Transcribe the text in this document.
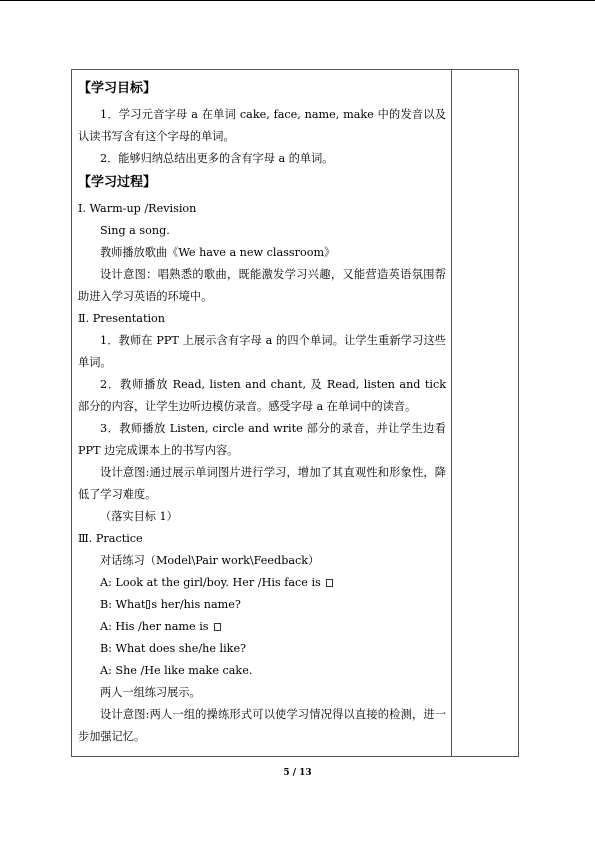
【学习目标】

1．学习元音字母 a 在单词 cake, face, name, make 中的发音以及认读书写含有这个字母的单词。

2．能够归纳总结出更多的含有字母 a 的单词。

【学习过程】

I. Warm-up /Revision

Sing a song.

教师播放歌曲《We have a new classroom》

设计意图：唱熟悉的歌曲，既能激发学习兴趣，又能营造英语氛围帮助进入学习英语的环境中。

Ⅱ. Presentation

1．教师在 PPT 上展示含有字母 a 的四个单词。让学生重新学习这些单词。

2．教师播放 Read, listen and chant, 及 Read, listen and tick 部分的内容，让学生边听边模仿录音。感受字母 a 在单词中的读音。

3．教师播放 Listen, circle and write 部分的录音，并让学生边看 PPT 边完成课本上的书写内容。

设计意图:通过展示单词图片进行学习，增加了其直观性和形象性，降低了学习难度。

（落实目标 1）

Ⅲ. Practice

对话练习（Model\Pair work\Feedback）

A: Look at the girl/boy. Her /His face is

B: What s her/his name?

A: His /her name is

B: What does she/he like?

A: She /He like make cake.

两人一组练习展示。

设计意图:两人一组的操练形式可以使学习情况得以直接的检测，进一步加强记忆。

5 / 13
